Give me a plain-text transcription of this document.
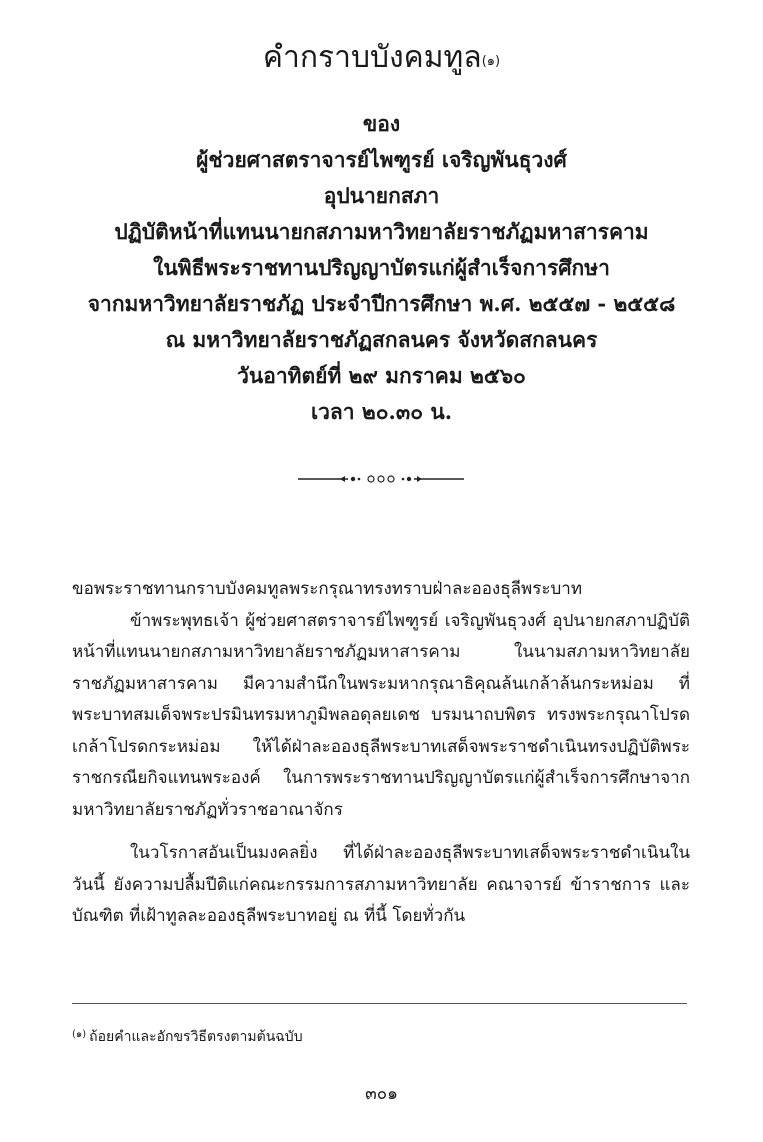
คำกราบบังคมทูล$^{(๑)}$
ของ
ผู้ช่วยศาสตราจารย์ไพฑูรย์ เจริญพันธุวงศ์
อุปนายกสภา
ปฏิบัติหน้าที่แทนนายกสภามหาวิทยาลัยราชภัฏมหาสารคาม
ในพิธีพระราชทานปริญญาบัตรแก่ผู้สำเร็จการศึกษา
จากมหาวิทยาลัยราชภัฏ ประจำปีการศึกษา พ.ศ. ๒๕๕๗ - ๒๕๕๘
ณ มหาวิทยาลัยราชภัฏสกลนคร จังหวัดสกลนคร
วันอาทิตย์ที่ ๒๙ มกราคม ๒๕๖๐
เวลา ๒๐.๓๐ น.

ขอพระราชทานกราบบังคมทูลพระกรุณาทรงทราบฝ่าละอองธุลีพระบาท

ข้าพระพุทธเจ้า ผู้ช่วยศาสตราจารย์ไพฑูรย์ เจริญพันธุวงศ์ อุปนายกสภาปฏิบัติหน้าที่แทนนายกสภามหาวิทยาลัยราชภัฏมหาสารคาม ในนามสภามหาวิทยาลัยราชภัฏมหาสารคาม มีความสำนึกในพระมหากรุณาธิคุณล้นเกล้าล้นกระหม่อม ที่พระบาทสมเด็จพระปรมินทรมหาภูมิพลอดุลยเดช บรมนาถบพิตร ทรงพระกรุณาโปรดเกล้าโปรดกระหม่อม ให้ได้ฝ่าละอองธุลีพระบาทเสด็จพระราชดำเนินทรงปฏิบัติพระราชกรณียกิจแทนพระองค์ ในการพระราชทานปริญญาบัตรแก่ผู้สำเร็จการศึกษาจากมหาวิทยาลัยราชภัฏทั่วราชอาณาจักร

ในวโรกาสอันเป็นมงคลยิ่ง ที่ได้ฝ่าละอองธุลีพระบาทเสด็จพระราชดำเนินในวันนี้ ยังความปลื้มปีติแก่คณะกรรมการสภามหาวิทยาลัย คณาจารย์ ข้าราชการ และบัณฑิต ที่เฝ้าทูลละอองธุลีพระบาทอยู่ ณ ที่นี้ โดยทั่วกัน

$^{(๑)}$ ถ้อยคำและอักขรวิธีตรงตามต้นฉบับ
๓๐๑
